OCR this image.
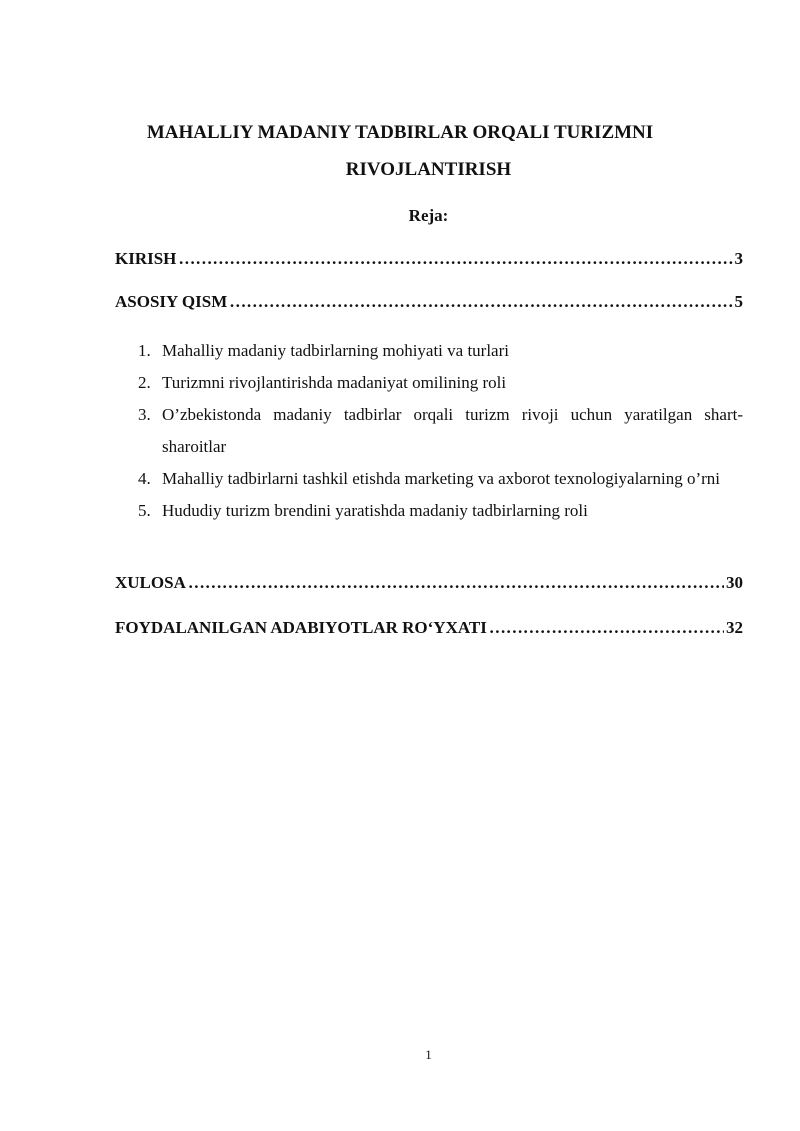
MAHALLIY MADANIY TADBIRLAR ORQALI TURIZMNI
RIVOJLANTIRISH
Reja:
KIRISH ………………………………………………………………………………………………………………………………………………………………	3
ASOSIY QISM ………………………………………………………………………………………………………………………………………………………………	5
1. Mahalliy madaniy tadbirlarning mohiyati va turlari
2. Turizmni rivojlantirishda madaniyat omilining roli
3. O’zbekistonda madaniy tadbirlar orqali turizm rivoji uchun yaratilgan shart-sharoitlar
4. Mahalliy tadbirlarni tashkil etishda marketing va axborot texnologiyalarning o’rni
5. Hududiy turizm brendini yaratishda madaniy tadbirlarning roli
XULOSA ………………………………………………………………………………………………………………………………………………………………	30
FOYDALANILGAN ADABIYOTLAR RO‘YXATI ………………………………………………………………………………………………………………………………………………………………	32
1
